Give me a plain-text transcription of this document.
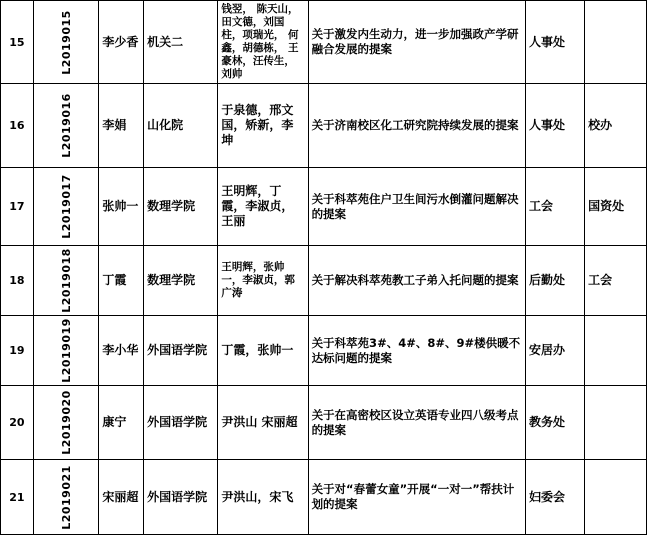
15	L2019015	李少香	机关二	钱翌， 陈天山，田文德，刘国柱，项瑞光， 何鑫，胡德栋， 王豪林，汪传生，刘帅	关于激发内生动力，进一步加强政产学研融合发展的提案	人事处	
16	L2019016	李娟	山化院	于泉德，邢文国，矫新，李坤	关于济南校区化工研究院持续发展的提案	人事处	校办
17	L2019017	张帅一	数理学院	王明辉，丁霞，李淑贞，王丽	关于科萃苑住户卫生间污水倒灌问题解决的提案	工会	国资处
18	L2019018	丁霞	数理学院	王明辉，张帅一，李淑贞，郭广涛	关于解决科萃苑教工子弟入托问题的提案	后勤处	工会
19	L2019019	李小华	外国语学院	丁霞，张帅一	关于科萃苑3#、4#、8#、9#楼供暖不达标问题的提案	安居办	
20	L2019020	康宁	外国语学院	尹洪山 宋丽超	关于在高密校区设立英语专业四八级考点的提案	教务处	
21	L2019021	宋丽超	外国语学院	尹洪山，宋飞	关于对“春蕾女童”开展“一对一”帮扶计划的提案	妇委会	
